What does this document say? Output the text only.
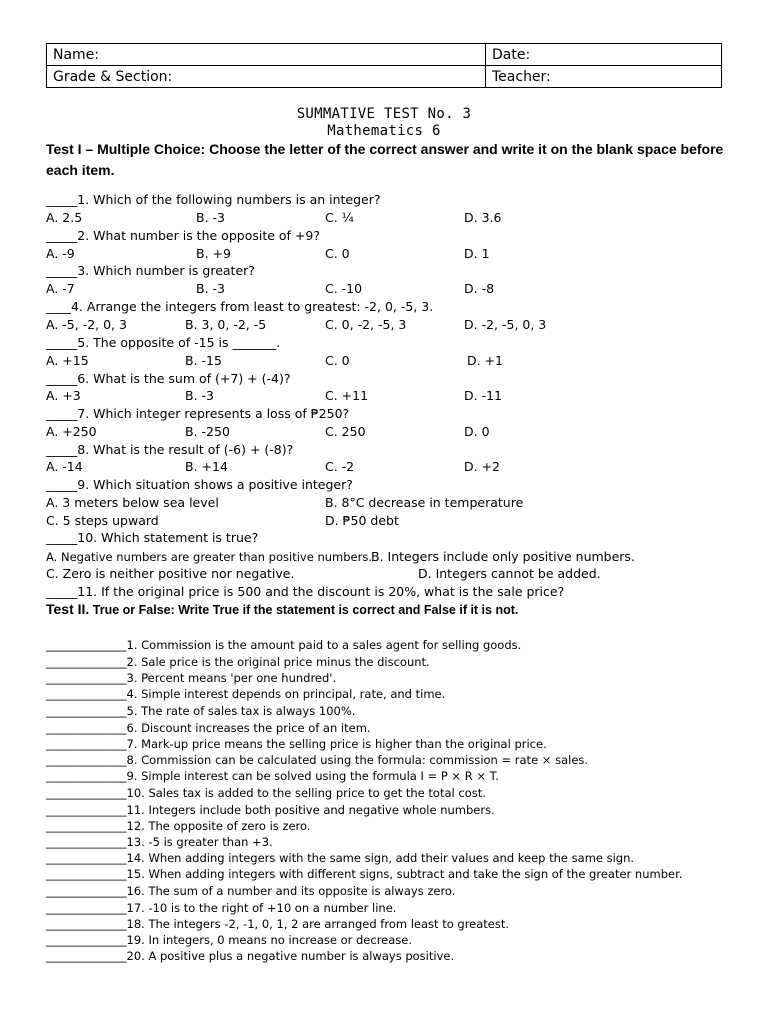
Name:	Date:
Grade & Section:	Teacher:
SUMMATIVE TEST No. 3
Mathematics 6
Test I – Multiple Choice: Choose the letter of the correct answer and write it on the blank space before each item.
_____1. Which of the following numbers is an integer?
A. 2.5	B. -3	C. ¼	D. 3.6
_____2. What number is the opposite of +9?
A. -9	B. +9	C. 0	D. 1
_____3. Which number is greater?
A. -7	B. -3	C. -10	D. -8
____4. Arrange the integers from least to greatest: -2, 0, -5, 3.
A. -5, -2, 0, 3	B. 3, 0, -2, -5	C. 0, -2, -5, 3	D. -2, -5, 0, 3
_____5. The opposite of -15 is _______.
A. +15	B. -15	C. 0	D. +1
_____6. What is the sum of (+7) + (-4)?
A. +3	B. -3	C. +11	D. -11
_____7. Which integer represents a loss of ₱250?
A. +250	B. -250	C. 250	D. 0
_____8. What is the result of (-6) + (-8)?
A. -14	B. +14	C. -2	D. +2
_____9. Which situation shows a positive integer?
A. 3 meters below sea level	B. 8°C decrease in temperature
C. 5 steps upward	D. ₱50 debt
_____10. Which statement is true?
A. Negative numbers are greater than positive numbers. B. Integers include only positive numbers.
C. Zero is neither positive nor negative.	D. Integers cannot be added.
_____11. If the original price is 500 and the discount is 20%, what is the sale price?
Test II. True or False: Write True if the statement is correct and False if it is not.
______________1. Commission is the amount paid to a sales agent for selling goods.
______________2. Sale price is the original price minus the discount.
______________3. Percent means 'per one hundred'.
______________4. Simple interest depends on principal, rate, and time.
______________5. The rate of sales tax is always 100%.
______________6. Discount increases the price of an item.
______________7. Mark-up price means the selling price is higher than the original price.
______________8. Commission can be calculated using the formula: commission = rate × sales.
______________9. Simple interest can be solved using the formula I = P × R × T.
______________10. Sales tax is added to the selling price to get the total cost.
______________11. Integers include both positive and negative whole numbers.
______________12. The opposite of zero is zero.
______________13. -5 is greater than +3.
______________14. When adding integers with the same sign, add their values and keep the same sign.
______________15. When adding integers with different signs, subtract and take the sign of the greater number.
______________16. The sum of a number and its opposite is always zero.
______________17. -10 is to the right of +10 on a number line.
______________18. The integers -2, -1, 0, 1, 2 are arranged from least to greatest.
______________19. In integers, 0 means no increase or decrease.
______________20. A positive plus a negative number is always positive.
